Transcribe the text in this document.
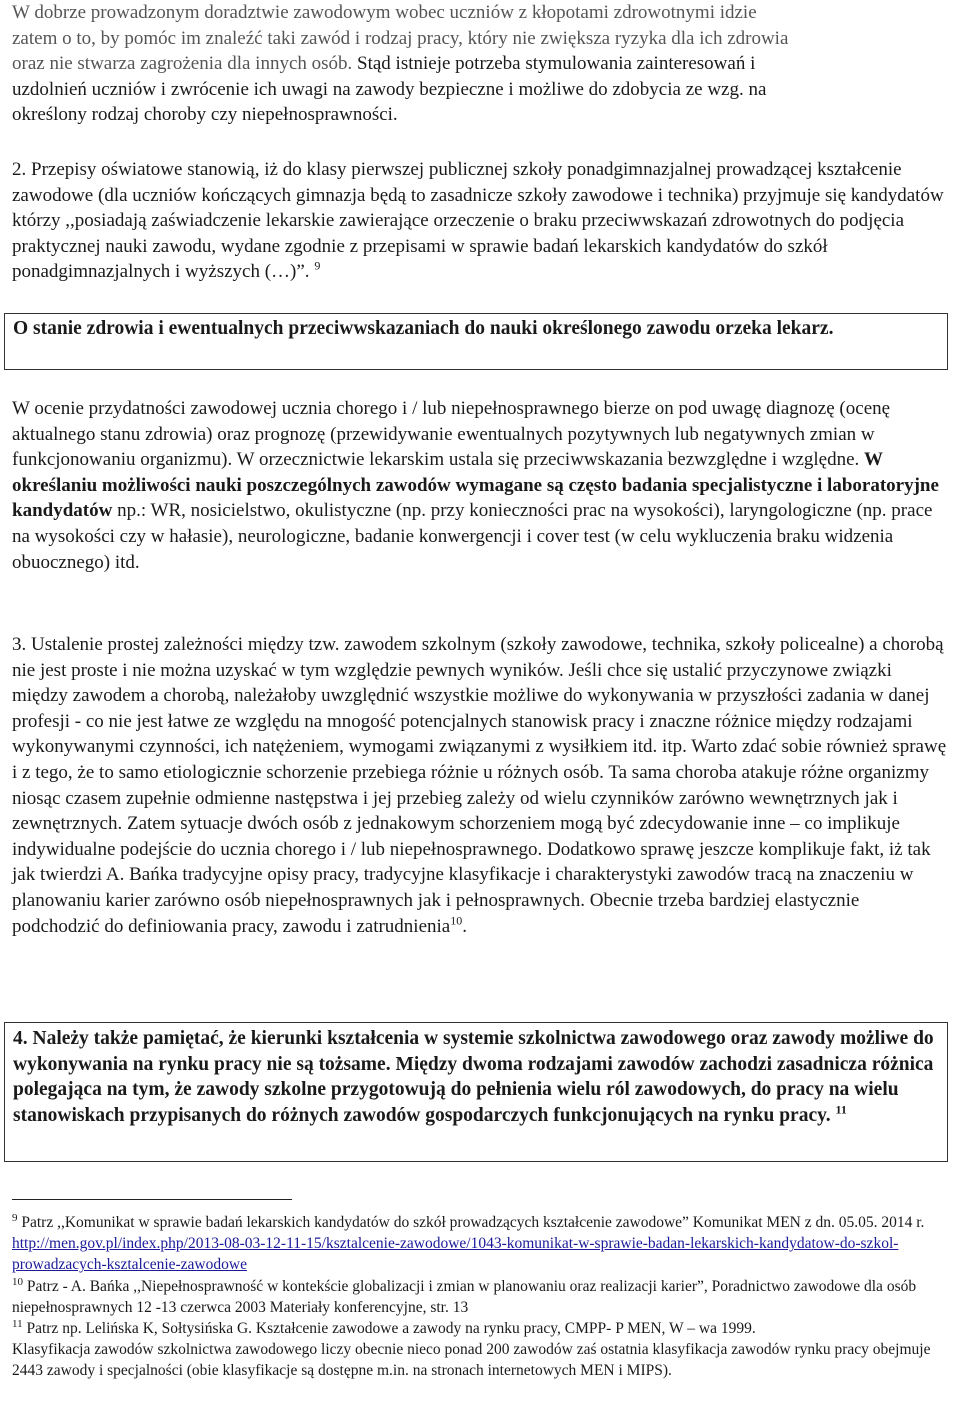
W dobrze prowadzonym doradztwie zawodowym wobec uczniów z kłopotami zdrowotnymi idzie

zatem o to, by pomóc im znaleźć taki zawód i rodzaj pracy, który nie zwiększa ryzyka dla ich zdrowia

oraz nie stwarza zagrożenia dla innych osób. Stąd istnieje potrzeba stymulowania zainteresowań i

uzdolnień uczniów i zwrócenie ich uwagi na zawody bezpieczne i możliwe do zdobycia ze wzg. na

określony rodzaj choroby czy niepełnosprawności.

2. Przepisy oświatowe stanowią, iż do klasy pierwszej publicznej szkoły ponadgimnazjalnej prowadzącej kształcenie zawodowe (dla uczniów kończących gimnazja będą to zasadnicze szkoły zawodowe i technika) przyjmuje się kandydatów którzy ,,posiadają zaświadczenie lekarskie zawierające orzeczenie o braku przeciwwskazań zdrowotnych do podjęcia praktycznej nauki zawodu, wydane zgodnie z przepisami w sprawie badań lekarskich kandydatów do szkół ponadgimnazjalnych i wyższych (…)”. $^9$

O stanie zdrowia i ewentualnych przeciwwskazaniach do nauki określonego zawodu orzeka lekarz.

W ocenie przydatności zawodowej ucznia chorego i / lub niepełnosprawnego bierze on pod uwagę diagnozę (ocenę aktualnego stanu zdrowia) oraz prognozę (przewidywanie ewentualnych pozytywnych lub negatywnych zmian w funkcjonowaniu organizmu). W orzecznictwie lekarskim ustala się przeciwwskazania bezwzględne i względne. W określaniu możliwości nauki poszczególnych zawodów wymagane są często badania specjalistyczne i laboratoryjne kandydatów np.: WR, nosicielstwo, okulistyczne (np. przy konieczności prac na wysokości), laryngologiczne (np. prace na wysokości czy w hałasie), neurologiczne, badanie konwergencji i cover test (w celu wykluczenia braku widzenia obuocznego) itd.

3. Ustalenie prostej zależności między tzw. zawodem szkolnym (szkoły zawodowe, technika, szkoły policealne) a chorobą nie jest proste i nie można uzyskać w tym względzie pewnych wyników. Jeśli chce się ustalić przyczynowe związki między zawodem a chorobą, należałoby uwzględnić wszystkie możliwe do wykonywania w przyszłości zadania w danej profesji - co nie jest łatwe ze względu na mnogość potencjalnych stanowisk pracy i znaczne różnice między rodzajami wykonywanymi czynności, ich natężeniem, wymogami związanymi z wysiłkiem itd. itp. Warto zdać sobie również sprawę i z tego, że to samo etiologicznie schorzenie przebiega różnie u różnych osób. Ta sama choroba atakuje różne organizmy niosąc czasem zupełnie odmienne następstwa i jej przebieg zależy od wielu czynników zarówno wewnętrznych jak i zewnętrznych. Zatem sytuacje dwóch osób z jednakowym schorzeniem mogą być zdecydowanie inne – co implikuje indywidualne podejście do ucznia chorego i / lub niepełnosprawnego. Dodatkowo sprawę jeszcze komplikuje fakt, iż tak jak twierdzi A. Bańka tradycyjne opisy pracy, tradycyjne klasyfikacje i charakterystyki zawodów tracą na znaczeniu w planowaniu karier zarówno osób niepełnosprawnych jak i pełnosprawnych. Obecnie trzeba bardziej elastycznie podchodzić do definiowania pracy, zawodu i zatrudnienia$^{10}$.

4. Należy także pamiętać, że kierunki kształcenia w systemie szkolnictwa zawodowego oraz zawody możliwe do wykonywania na rynku pracy nie są tożsame. Między dwoma rodzajami zawodów zachodzi zasadnicza różnica polegająca na tym, że zawody szkolne przygotowują do pełnienia wielu ról zawodowych, do pracy na wielu stanowiskach przypisanych do różnych zawodów gospodarczych funkcjonujących na rynku pracy. $^{11}$

$^9$ Patrz ,,Komunikat w sprawie badań lekarskich kandydatów do szkół prowadzących kształcenie zawodowe” Komunikat MEN z dn. 05.05. 2014 r. http://men.gov.pl/index.php/2013-08-03-12-11-15/ksztalcenie-zawodowe/1043-komunikat-w-sprawie-badan-lekarskich-kandydatow-do-szkol-prowadzacych-ksztalcenie-zawodowe

$^{10}$ Patrz - A. Bańka ,,Niepełnosprawność w kontekście globalizacji i zmian w planowaniu oraz realizacji karier”, Poradnictwo zawodowe dla osób niepełnosprawnych 12 -13 czerwca 2003 Materiały konferencyjne, str. 13

$^{11}$ Patrz np. Lelińska K, Sołtysińska G. Kształcenie zawodowe a zawody na rynku pracy, CMPP- P MEN, W – wa 1999.

Klasyfikacja zawodów szkolnictwa zawodowego liczy obecnie nieco ponad 200 zawodów zaś ostatnia klasyfikacja zawodów rynku pracy obejmuje 2443 zawody i specjalności (obie klasyfikacje są dostępne m.in. na stronach internetowych MEN i MIPS).
